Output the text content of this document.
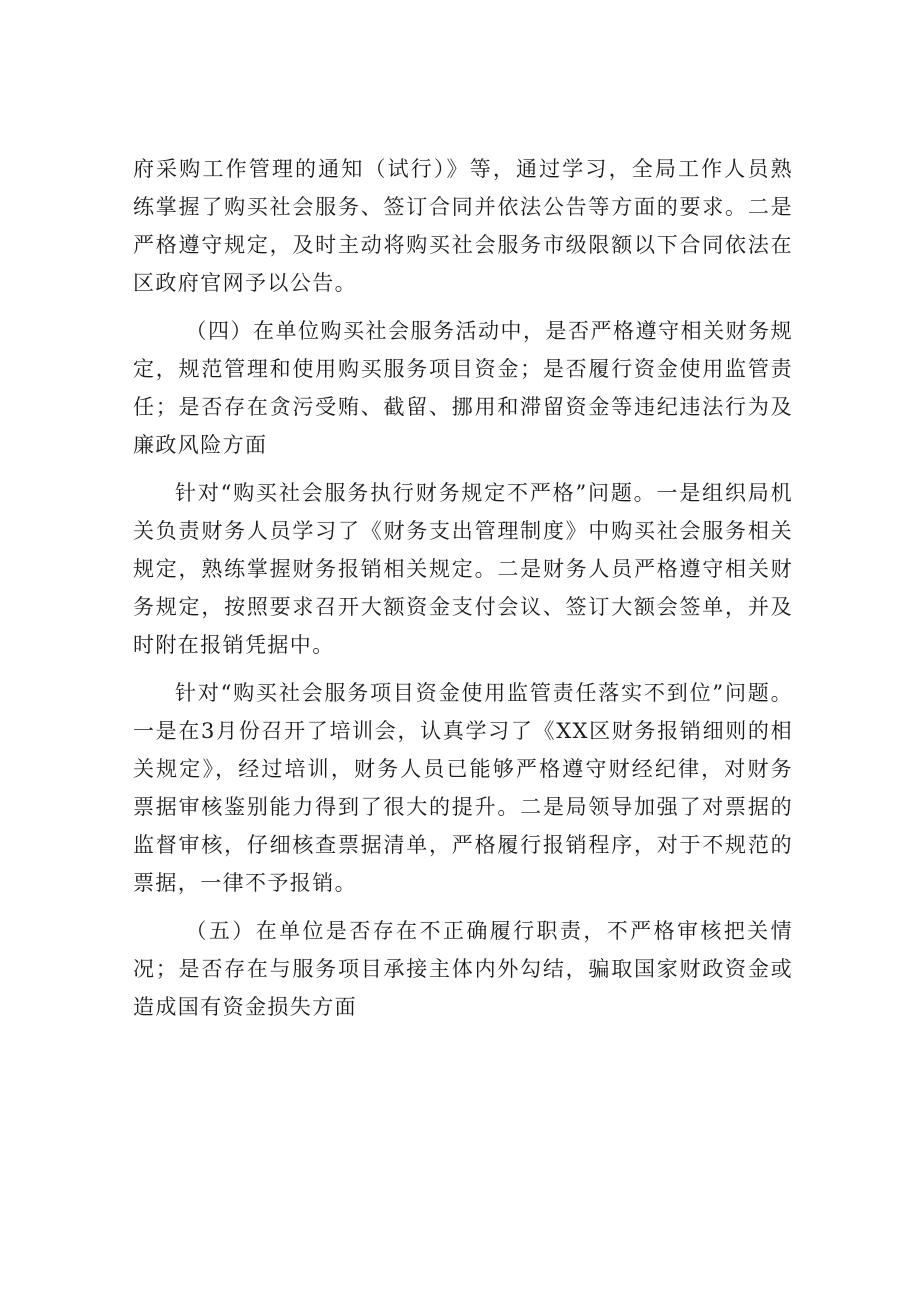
府采购工作管理的通知（试行）》等，通过学习，全局工作人员熟练掌握了购买社会服务、签订合同并依法公告等方面的要求。二是严格遵守规定，及时主动将购买社会服务市级限额以下合同依法在区政府官网予以公告。

（四）在单位购买社会服务活动中，是否严格遵守相关财务规定，规范管理和使用购买服务项目资金；是否履行资金使用监管责任；是否存在贪污受贿、截留、挪用和滞留资金等违纪违法行为及廉政风险方面

针对“购买社会服务执行财务规定不严格”问题。一是组织局机关负责财务人员学习了《财务支出管理制度》中购买社会服务相关规定，熟练掌握财务报销相关规定。二是财务人员严格遵守相关财务规定，按照要求召开大额资金支付会议、签订大额会签单，并及时附在报销凭据中。

针对“购买社会服务项目资金使用监管责任落实不到位”问题。一是在3月份召开了培训会，认真学习了《XX区财务报销细则的相关规定》，经过培训，财务人员已能够严格遵守财经纪律，对财务票据审核鉴别能力得到了很大的提升。二是局领导加强了对票据的监督审核，仔细核查票据清单，严格履行报销程序，对于不规范的票据，一律不予报销。

（五）在单位是否存在不正确履行职责，不严格审核把关情况；是否存在与服务项目承接主体内外勾结，骗取国家财政资金或造成国有资金损失方面
